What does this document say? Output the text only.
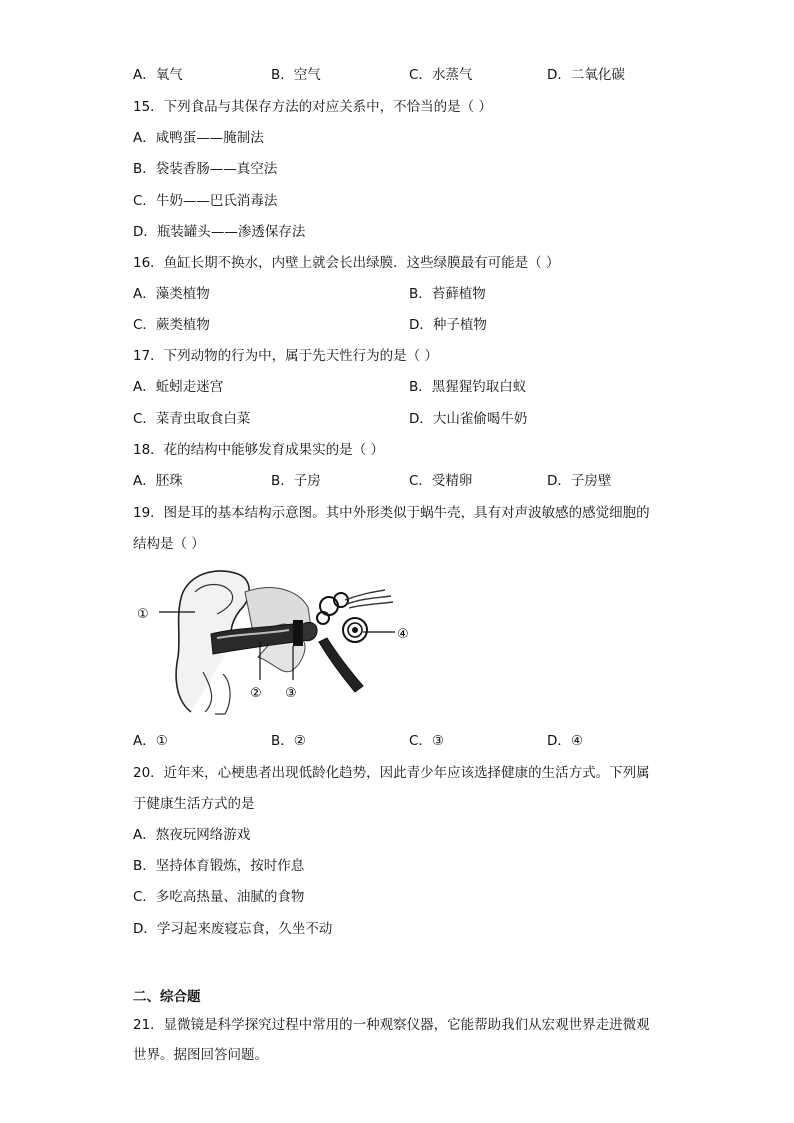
A．氧气	B．空气	C．水蒸气	D．二氧化碳
15．下列食品与其保存方法的对应关系中，不恰当的是（ ）
A．咸鸭蛋——腌制法
B．袋装香肠——真空法
C．牛奶——巴氏消毒法
D．瓶装罐头——渗透保存法
16．鱼缸长期不换水，内壁上就会长出绿膜．这些绿膜最有可能是（ ）
A．藻类植物	B．苔藓植物
C．蕨类植物	D．种子植物
17．下列动物的行为中，属于先天性行为的是（ ）
A．蚯蚓走迷宫	B．黑猩猩钓取白蚁
C．菜青虫取食白菜	D．大山雀偷喝牛奶
18．花的结构中能够发育成果实的是（ ）
A．胚珠	B．子房	C．受精卵	D．子房壁
19．图是耳的基本结构示意图。其中外形类似于蜗牛壳，具有对声波敏感的感觉细胞的
结构是（ ）
①
② ③
④
A．①	B．②	C．③	D．④
20．近年来，心梗患者出现低龄化趋势，因此青少年应该选择健康的生活方式。下列属
于健康生活方式的是
A．熬夜玩网络游戏
B．坚持体育锻炼，按时作息
C．多吃高热量、油腻的食物
D．学习起来废寝忘食，久坐不动
二、综合题
21．显微镜是科学探究过程中常用的一种观察仪器，它能帮助我们从宏观世界走进微观
世界。据图回答问题。
